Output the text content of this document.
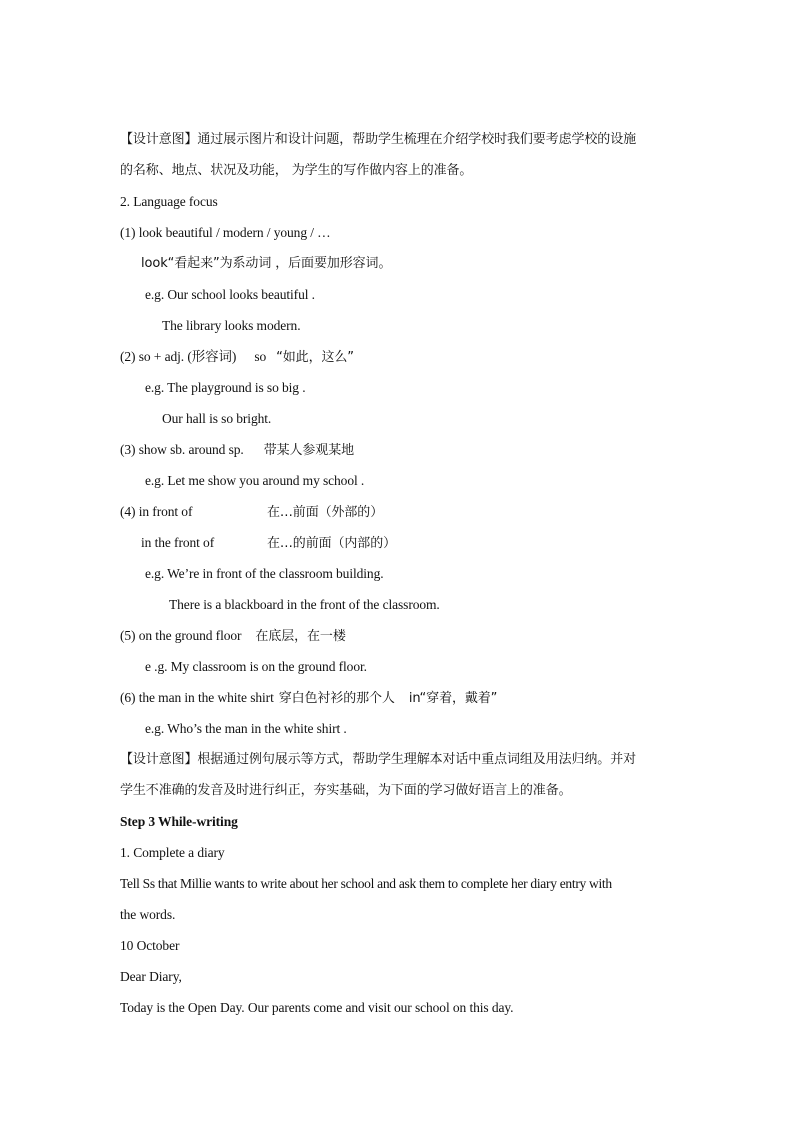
【设计意图】通过展示图片和设计问题，帮助学生梳理在介绍学校时我们要考虑学校的设施
的名称、地点、状况及功能， 为学生的写作做内容上的准备。
2. Language focus
(1) look beautiful / modern / young / …
look“看起来”为系动词 ，后面要加形容词。
e.g. Our school looks beautiful .
The library looks modern.
(2) so + adj. (形容词) so “如此，这么”
e.g. The playground is so big .
Our hall is so bright.
(3) show sb. around sp. 带某人参观某地
e.g. Let me show you around my school .
(4) in front of	在…前面（外部的）
in the front of	在…的前面（内部的）
e.g. We’re in front of the classroom building.
There is a blackboard in the front of the classroom.
(5) on the ground floor 在底层，在一楼
e .g. My classroom is on the ground floor.
(6) the man in the white shirt 穿白色衬衫的那个人 in“穿着，戴着”
e.g. Who’s the man in the white shirt .
【设计意图】根据通过例句展示等方式，帮助学生理解本对话中重点词组及用法归纳。并对
学生不准确的发音及时进行纠正，夯实基础，为下面的学习做好语言上的准备。
Step 3 While-writing
1. Complete a diary
Tell Ss that Millie wants to write about her school and ask them to complete her diary entry with
the words.
10 October
Dear Diary,
Today is the Open Day. Our parents come and visit our school on this day.
